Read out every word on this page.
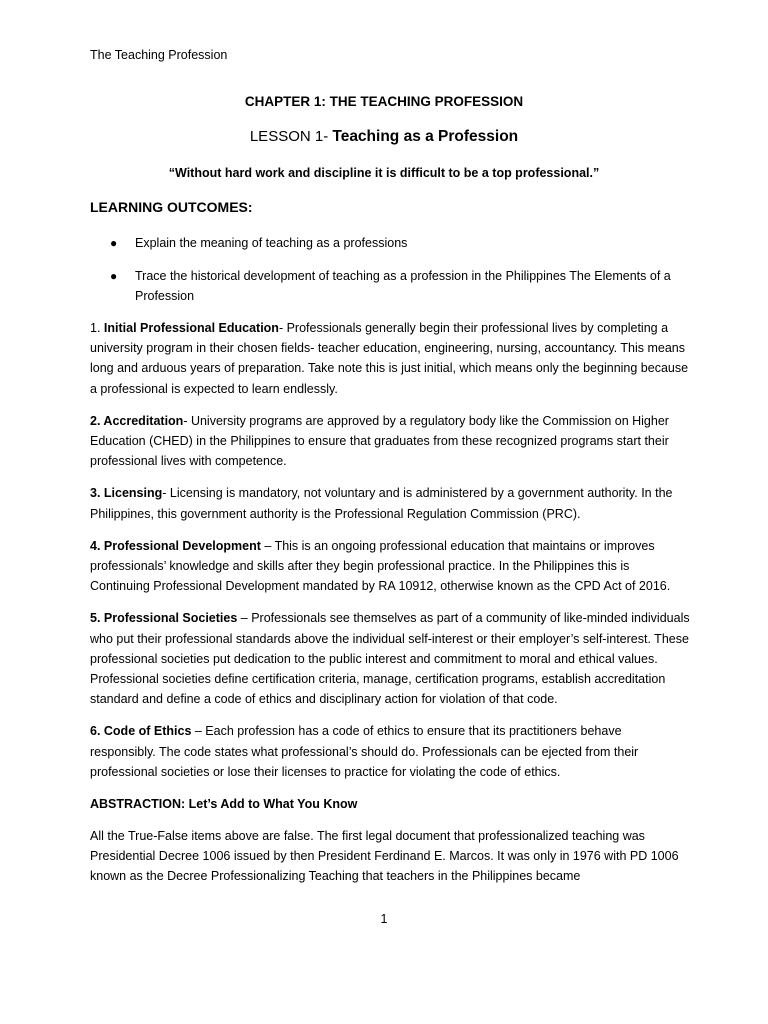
The Teaching Profession
CHAPTER 1: THE TEACHING PROFESSION
LESSON 1- Teaching as a Profession
“Without hard work and discipline it is difficult to be a top professional.”
LEARNING OUTCOMES:
● Explain the meaning of teaching as a professions
● Trace the historical development of teaching as a profession in the Philippines The Elements of a Profession

1. Initial Professional Education- Professionals generally begin their professional lives by completing a university program in their chosen fields- teacher education, engineering, nursing, accountancy. This means long and arduous years of preparation. Take note this is just initial, which means only the beginning because a professional is expected to learn endlessly.

2. Accreditation- University programs are approved by a regulatory body like the Commission on Higher Education (CHED) in the Philippines to ensure that graduates from these recognized programs start their professional lives with competence.

3. Licensing- Licensing is mandatory, not voluntary and is administered by a government authority. In the Philippines, this government authority is the Professional Regulation Commission (PRC).

4. Professional Development – This is an ongoing professional education that maintains or improves professionals’ knowledge and skills after they begin professional practice. In the Philippines this is Continuing Professional Development mandated by RA 10912, otherwise known as the CPD Act of 2016.

5. Professional Societies – Professionals see themselves as part of a community of like-minded individuals who put their professional standards above the individual self-interest or their employer’s self-interest. These professional societies put dedication to the public interest and commitment to moral and ethical values. Professional societies define certification criteria, manage, certification programs, establish accreditation standard and define a code of ethics and disciplinary action for violation of that code.

6. Code of Ethics – Each profession has a code of ethics to ensure that its practitioners behave responsibly. The code states what professional’s should do. Professionals can be ejected from their professional societies or lose their licenses to practice for violating the code of ethics.

ABSTRACTION: Let’s Add to What You Know

All the True-False items above are false. The first legal document that professionalized teaching was Presidential Decree 1006 issued by then President Ferdinand E. Marcos. It was only in 1976 with PD 1006 known as the Decree Professionalizing Teaching that teachers in the Philippines became

1
